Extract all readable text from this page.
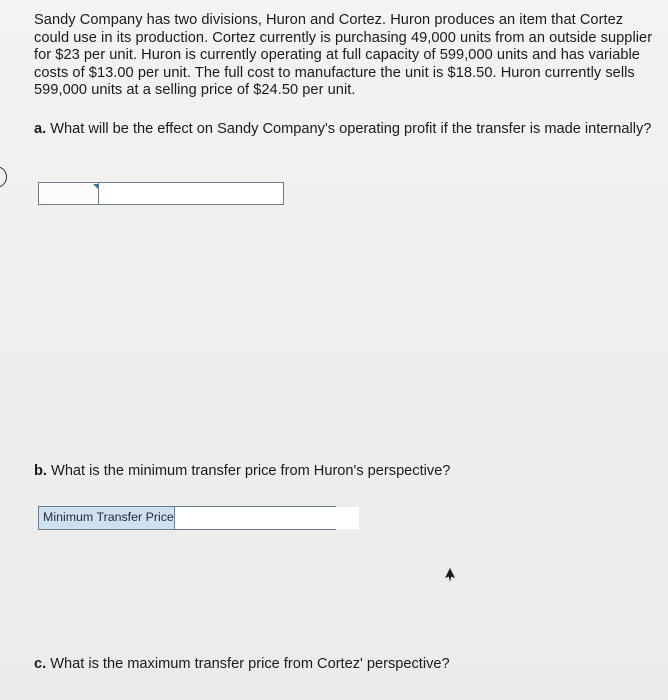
Sandy Company has two divisions, Huron and Cortez. Huron produces an item that Cortez could use in its production. Cortez currently is purchasing 49,000 units from an outside supplier for $23 per unit. Huron is currently operating at full capacity of 599,000 units and has variable costs of $13.00 per unit. The full cost to manufacture the unit is $18.50. Huron currently sells 599,000 units at a selling price of $24.50 per unit.
a. What will be the effect on Sandy Company's operating profit if the transfer is made internally?
b. What is the minimum transfer price from Huron's perspective?
Minimum Transfer Price
c. What is the maximum transfer price from Cortez' perspective?
